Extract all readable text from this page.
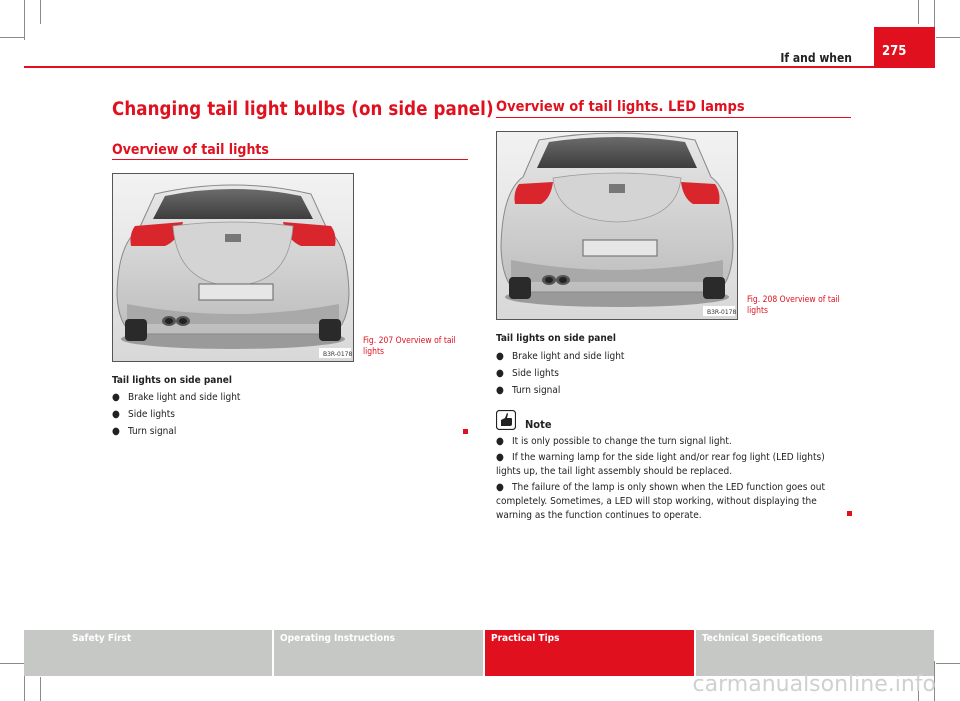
If and when	275
Changing tail light bulbs (on side panel)
Overview of tail lights
B3R-0178
Fig. 207 Overview of tail lights
Tail lights on side panel
● Brake light and side light
● Side lights
● Turn signal
Overview of tail lights. LED lamps
B3R-0178
Fig. 208 Overview of tail lights
Tail lights on side panel
● Brake light and side light
● Side lights
● Turn signal
Note
● It is only possible to change the turn signal light.
● If the warning lamp for the side light and/or rear fog light (LED lights) lights up, the tail light assembly should be replaced.
● The failure of the lamp is only shown when the LED function goes out completely. Sometimes, a LED will stop working, without displaying the warning as the function continues to operate.
Safety First	Operating Instructions	Practical Tips	Technical Specifications
carmanualsonline.info
